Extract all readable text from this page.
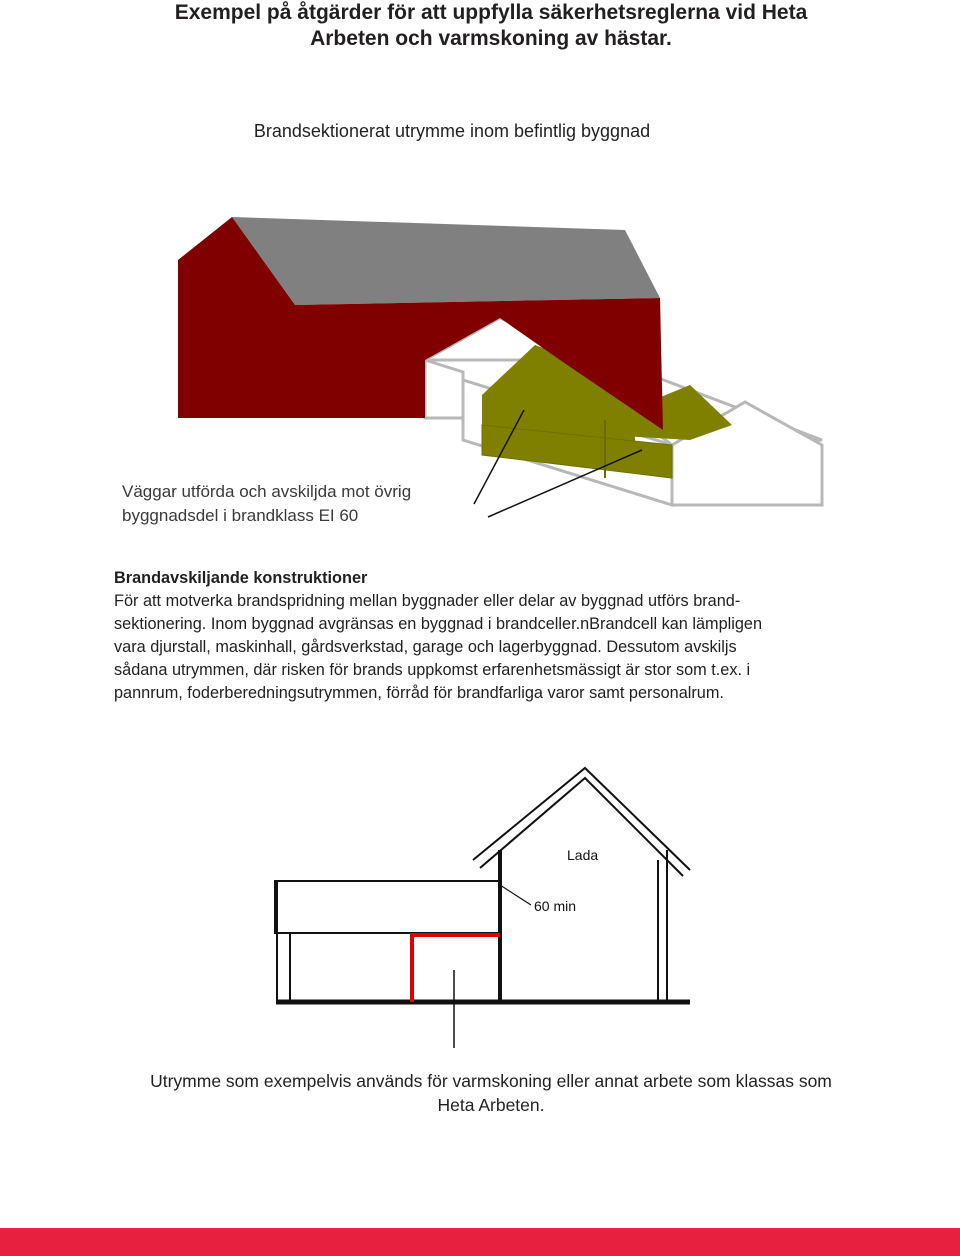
Exempel på åtgärder för att uppfylla säkerhetsreglerna vid Heta
Arbeten och varmskoning av hästar.
Brandsektionerat utrymme inom befintlig byggnad
Väggar utförda och avskiljda mot övrig
byggnadsdel i brandklass EI 60
Brandavskiljande konstruktioner
För att motverka brandspridning mellan byggnader eller delar av byggnad utförs brand-
sektionering. Inom byggnad avgränsas en byggnad i brandceller.nBrandcell kan lämpligen
vara djurstall, maskinhall, gårdsverkstad, garage och lagerbyggnad. Dessutom avskiljs
sådana utrymmen, där risken för brands uppkomst erfarenhetsmässigt är stor som t.ex. i
pannrum, foderberedningsutrymmen, förråd för brandfarliga varor samt personalrum.
Lada
60 min
Utrymme som exempelvis används för varmskoning eller annat arbete som klassas som
Heta Arbeten.
